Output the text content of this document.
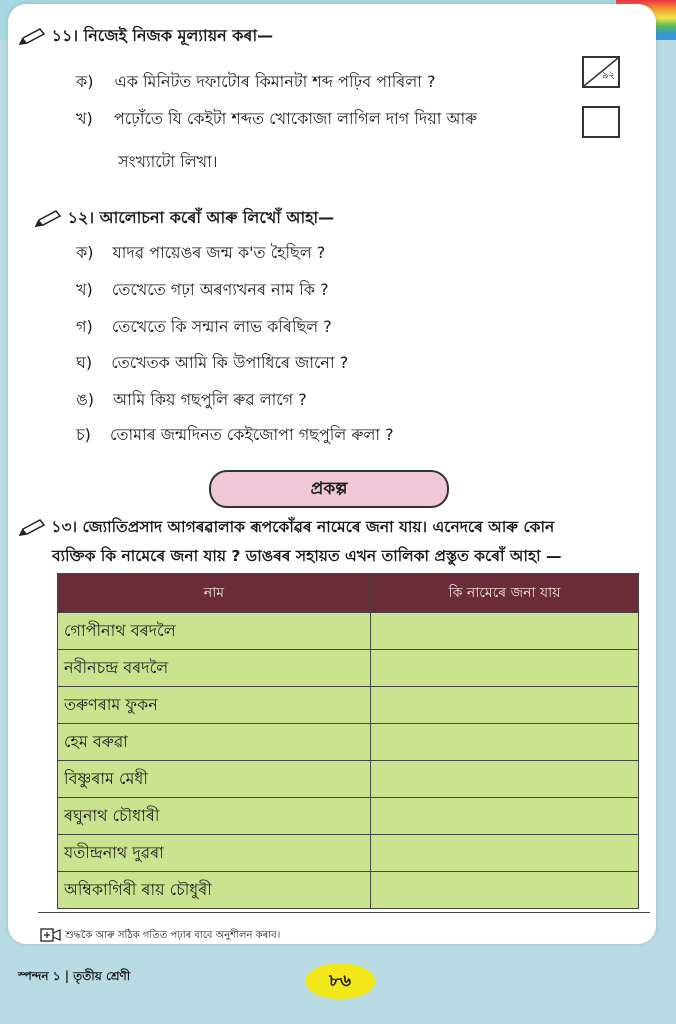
১১। নিজেই নিজক মূল্যায়ন কৰা—
ক) এক মিনিটত দফাটোৰ কিমানটা শব্দ পঢ়িব পাৰিলা ?	৯২
খ) পঢ়োঁতে যি কেইটা শব্দত খোকোজা লাগিল দাগ দিয়া আৰু
সংখ্যাটো লিখা।
১২। আলোচনা কৰোঁ আৰু লিখোঁ আহা—
ক) যাদৱ পায়েঙৰ জন্ম ক'ত হৈছিল ?
খ) তেখেতে গঢ়া অৰণ্যখনৰ নাম কি ?
গ) তেখেতে কি সন্মান লাভ কৰিছিল ?
ঘ) তেখেতক আমি কি উপাধিৰে জানো ?
ঙ) আমি কিয় গছপুলি ৰুৱ লাগে ?
চ) তোমাৰ জন্মদিনত কেইজোপা গছপুলি ৰুলা ?
প্ৰকল্প
১৩। জ্যোতিপ্ৰসাদ আগৰৱালাক ৰূপকোঁৱৰ নামেৰে জনা যায়। এনেদৰে আৰু কোন
ব্যক্তিক কি নামেৰে জনা যায় ? ডাঙৰৰ সহায়ত এখন তালিকা প্ৰস্তুত কৰোঁ আহা —
নাম	কি নামেৰে জনা যায়
গোপীনাথ বৰদলৈ	
নবীনচন্দ্ৰ বৰদলৈ	
তৰুণৰাম ফুকন	
হেম বৰুৱা	
বিষ্ণুৰাম মেধী	
ৰঘুনাথ চৌধাৰী	
যতীন্দ্ৰনাথ দুৱৰা	
অম্বিকাগিৰী ৰায় চৌধুৰী	
শুদ্ধকৈ আৰু সঠিক গতিত পঢ়াৰ বাবে অনুশীলন কৰাব।
স্পন্দন ১ | তৃতীয় শ্ৰেণী	৮৬
